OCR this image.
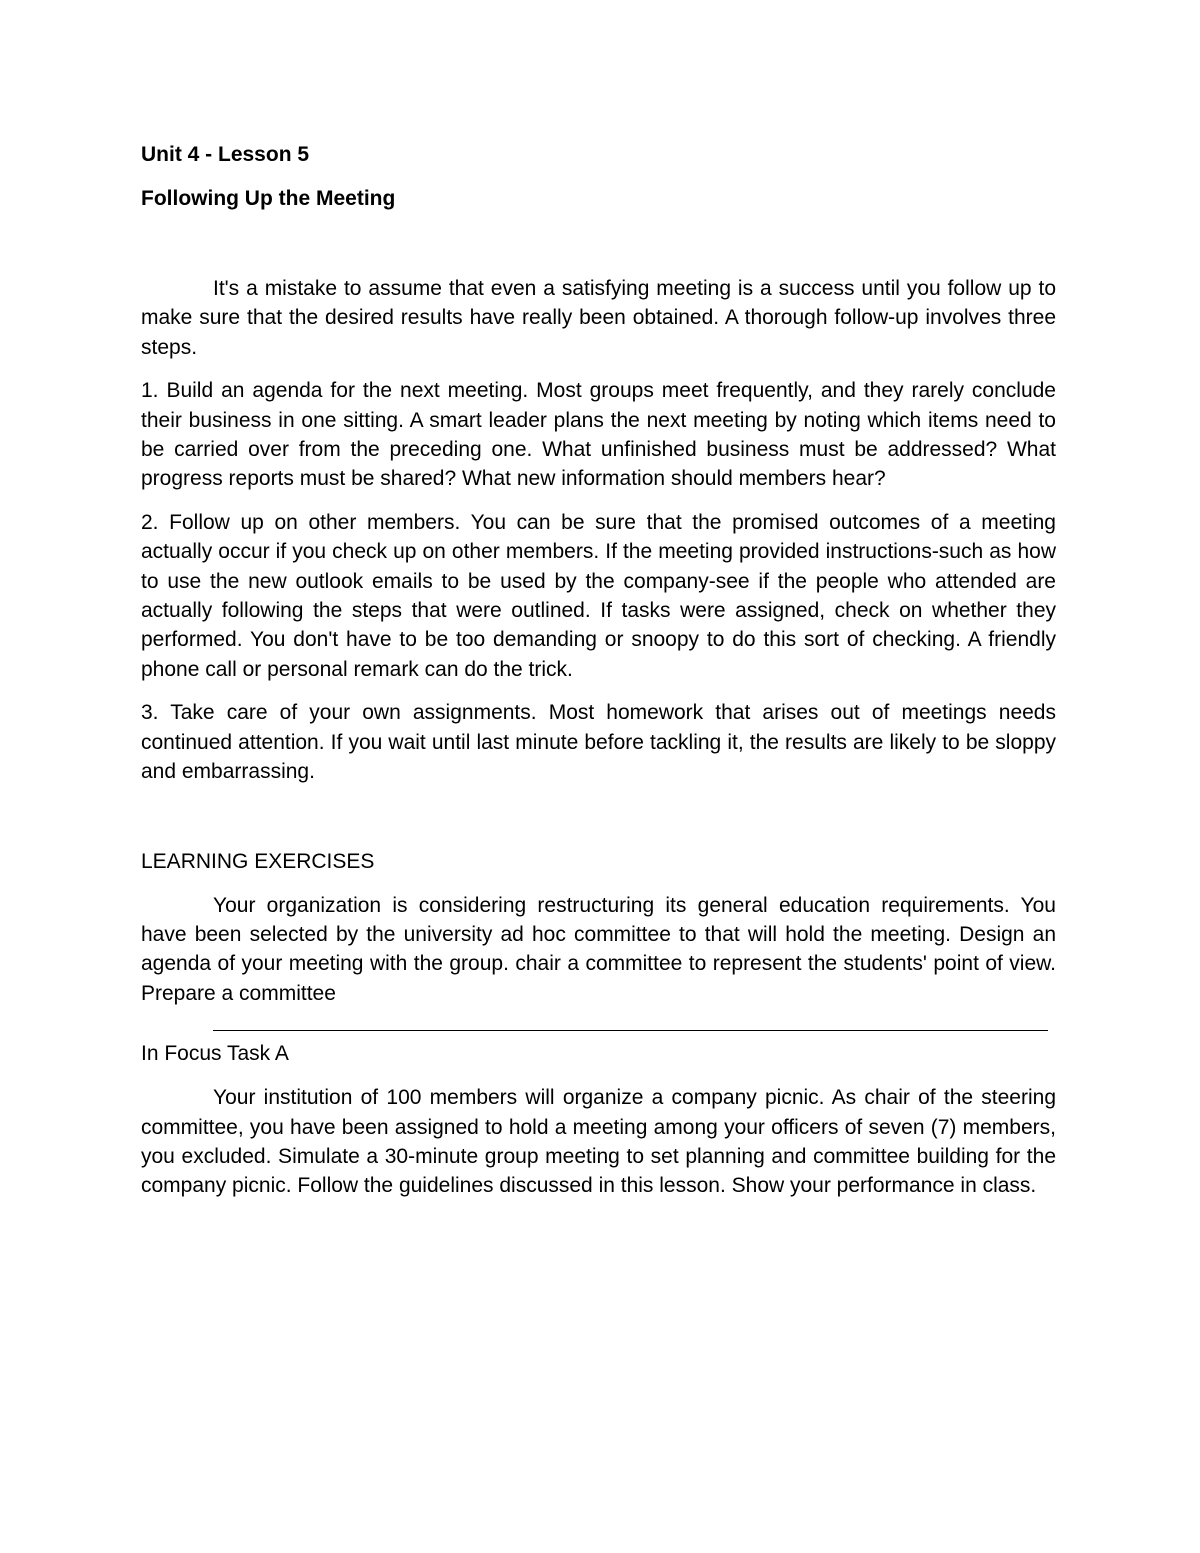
Unit 4 - Lesson 5
Following Up the Meeting

It's a mistake to assume that even a satisfying meeting is a success until you follow up to make sure that the desired results have really been obtained. A thorough follow-up involves three steps.

1. Build an agenda for the next meeting. Most groups meet frequently, and they rarely conclude their business in one sitting. A smart leader plans the next meeting by noting which items need to be carried over from the preceding one. What unfinished business must be addressed? What progress reports must be shared? What new information should members hear?

2. Follow up on other members. You can be sure that the promised outcomes of a meeting actually occur if you check up on other members. If the meeting provided instructions-such as how to use the new outlook emails to be used by the company-see if the people who attended are actually following the steps that were outlined. If tasks were assigned, check on whether they performed. You don't have to be too demanding or snoopy to do this sort of checking. A friendly phone call or personal remark can do the trick.

3. Take care of your own assignments. Most homework that arises out of meetings needs continued attention. If you wait until last minute before tackling it, the results are likely to be sloppy and embarrassing.

LEARNING EXERCISES

Your organization is considering restructuring its general education requirements. You have been selected by the university ad hoc committee to that will hold the meeting. Design an agenda of your meeting with the group. chair a committee to represent the students' point of view. Prepare a committee

In Focus Task A

Your institution of 100 members will organize a company picnic. As chair of the steering committee, you have been assigned to hold a meeting among your officers of seven (7) members, you excluded. Simulate a 30-minute group meeting to set planning and committee building for the company picnic. Follow the guidelines discussed in this lesson. Show your performance in class.
